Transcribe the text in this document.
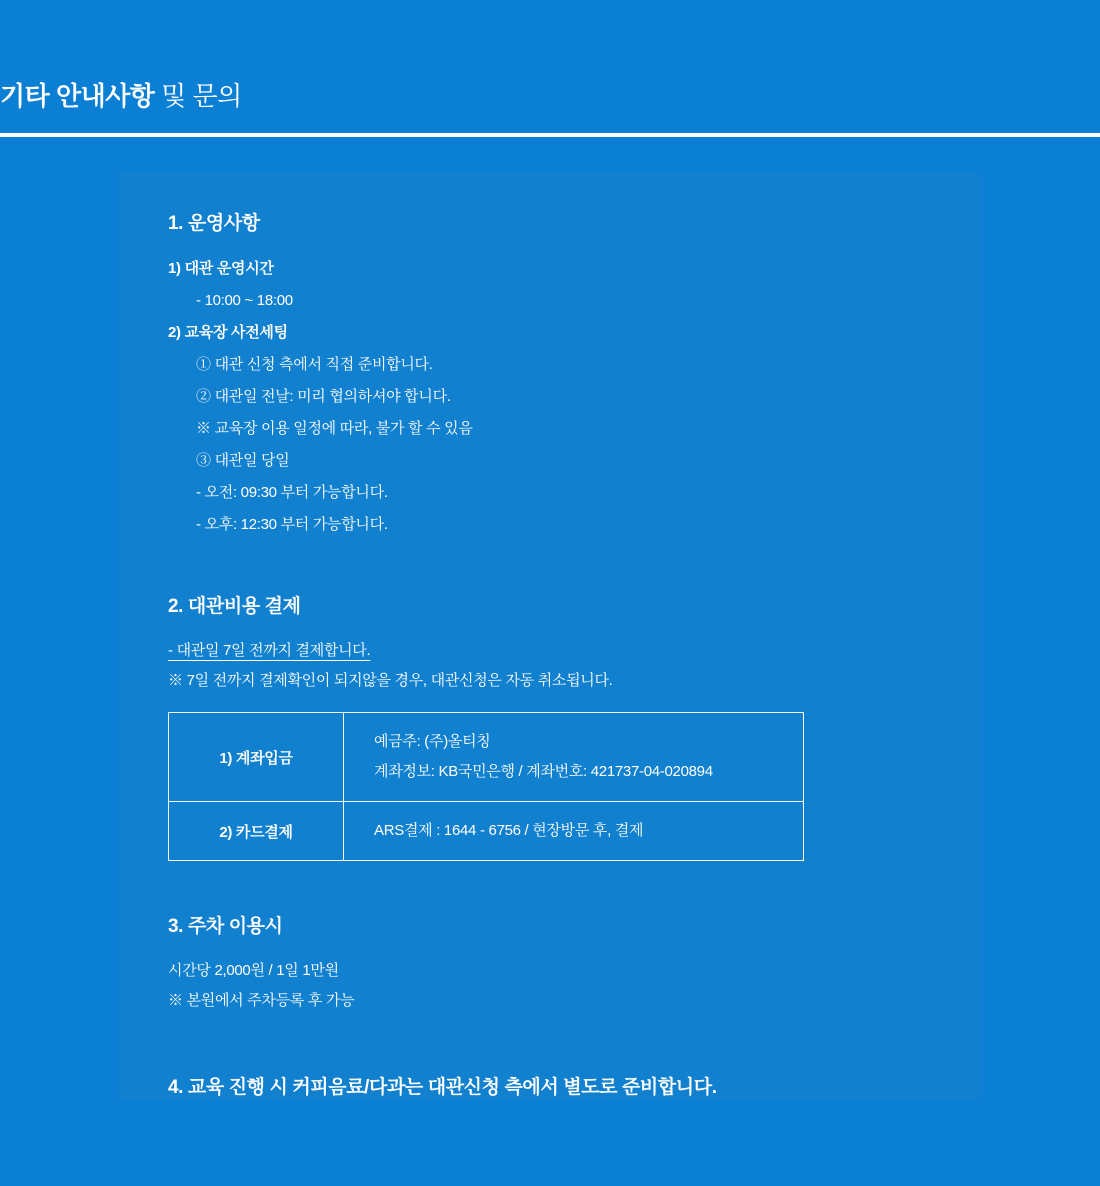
기타 안내사항 및 문의
1. 운영사항
1) 대관 운영시간
- 10:00 ~ 18:00
2) 교육장 사전세팅
① 대관 신청 측에서 직접 준비합니다.
② 대관일 전날: 미리 협의하셔야 합니다.
※ 교육장 이용 일정에 따라, 불가 할 수 있음
③ 대관일 당일
- 오전: 09:30 부터 가능합니다.
- 오후: 12:30 부터 가능합니다.
2. 대관비용 결제
- 대관일 7일 전까지 결제합니다.
※ 7일 전까지 결제확인이 되지않을 경우, 대관신청은 자동 취소됩니다.
1) 계좌입금	예금주: (주)올티칭
계좌정보: KB국민은행 / 계좌번호: 421737-04-020894

2) 카드결제	ARS결제 : 1644 - 6756 / 현장방문 후, 결제
3. 주차 이용시
시간당 2,000원 / 1일 1만원
※ 본원에서 주차등록 후 가능
4. 교육 진행 시 커피음료/다과는 대관신청 측에서 별도로 준비합니다.
